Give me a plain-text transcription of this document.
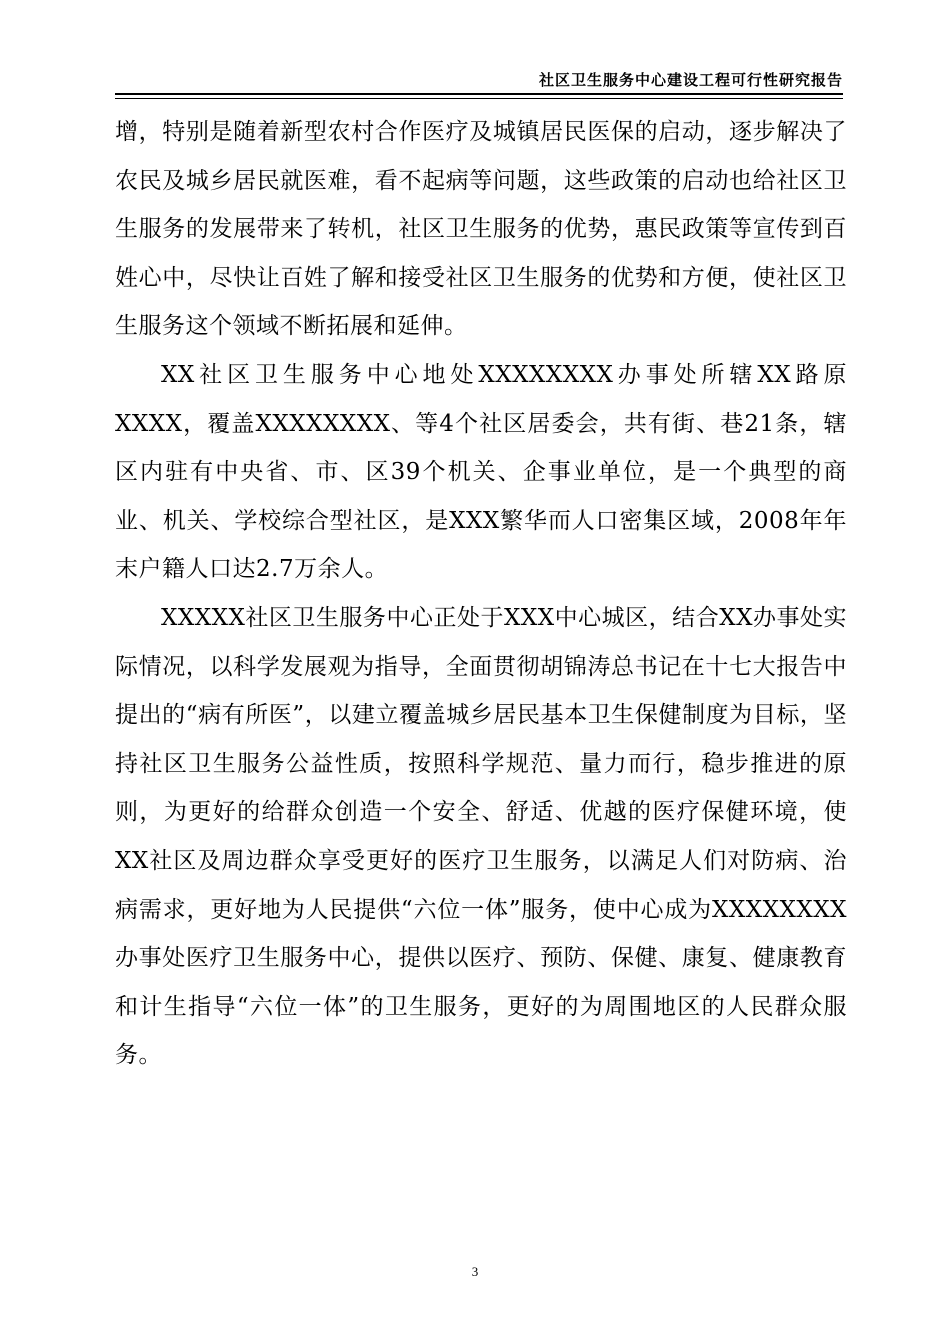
社区卫生服务中心建设工程可行性研究报告

增，特别是随着新型农村合作医疗及城镇居民医保的启动，逐步解决了农民及城乡居民就医难，看不起病等问题，这些政策的启动也给社区卫生服务的发展带来了转机，社区卫生服务的优势，惠民政策等宣传到百姓心中，尽快让百姓了解和接受社区卫生服务的优势和方便，使社区卫生服务这个领域不断拓展和延伸。

XX社区卫生服务中心地处XXXXXXXX办事处所辖XX路原XXXX，覆盖XXXXXXXX、等4个社区居委会，共有街、巷21条，辖区内驻有中央省、市、区39个机关、企事业单位，是一个典型的商业、机关、学校综合型社区，是XXX繁华而人口密集区域，2008年年末户籍人口达2.7万余人。

XXXXX社区卫生服务中心正处于XXX中心城区，结合XX办事处实际情况，以科学发展观为指导，全面贯彻胡锦涛总书记在十七大报告中提出的“病有所医”，以建立覆盖城乡居民基本卫生保健制度为目标，坚持社区卫生服务公益性质，按照科学规范、量力而行，稳步推进的原则，为更好的给群众创造一个安全、舒适、优越的医疗保健环境，使XX社区及周边群众享受更好的医疗卫生服务，以满足人们对防病、治病需求，更好地为人民提供“六位一体”服务，使中心成为XXXXXXXX办事处医疗卫生服务中心，提供以医疗、预防、保健、康复、健康教育和计生指导“六位一体”的卫生服务，更好的为周围地区的人民群众服务。

3
